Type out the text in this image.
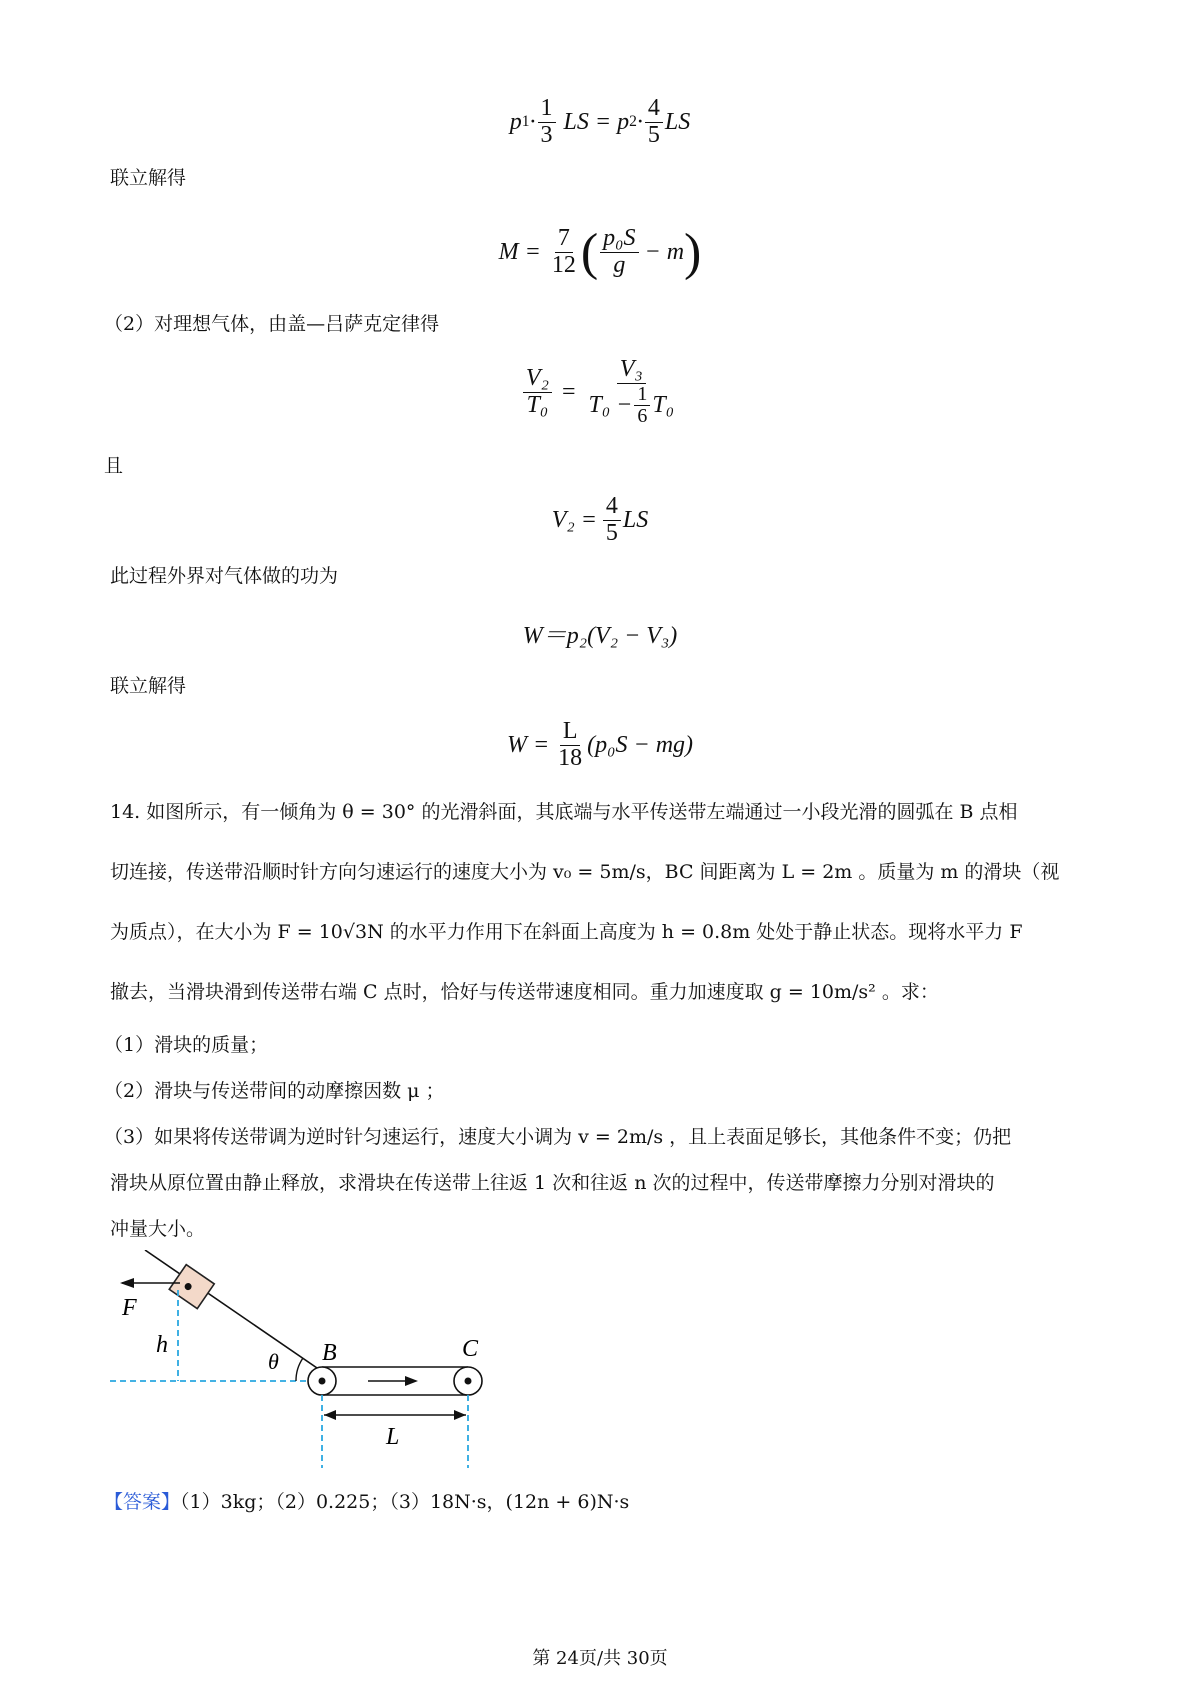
p $1 \cdot \frac{1}{3}$ LS = p $2 \cdot \frac{4}{5}$ LS
联立解得
$M = \frac{7}{12}$ ( $\frac{\text{p₀S}}{g} - m$ )
（2）对理想气体，由盖—吕萨克定律得
$\frac{\text{V₂}}{\text{T₀}} = \frac{\text{V₃}}{T_0 - \frac{1}{6} T_0}$
且
$V_2 = \frac{4}{5}$ LS
此过程外界对气体做的功为
W＝p₂(V₂ − V₃)
联立解得
$W = \frac{L}{18} (p_0S - mg)$
14. 如图所示，有一倾角为 θ = 30° 的光滑斜面，其底端与水平传送带左端通过一小段光滑的圆弧在 B 点相
切连接，传送带沿顺时针方向匀速运行的速度大小为 v₀ = 5m/s，BC 间距离为 L = 2m 。质量为 m 的滑块（视
为质点），在大小为 F = 10√3N 的水平力作用下在斜面上高度为 h = 0.8m 处处于静止状态。现将水平力 F
撤去，当滑块滑到传送带右端 C 点时，恰好与传送带速度相同。重力加速度取 g = 10m/s² 。求：
（1）滑块的质量；
（2）滑块与传送带间的动摩擦因数 μ ；
（3）如果将传送带调为逆时针匀速运行，速度大小调为 v = 2m/s ，且上表面足够长，其他条件不变；仍把
滑块从原位置由静止释放，求滑块在传送带上往返 1 次和往返 n 次的过程中，传送带摩擦力分别对滑块的
冲量大小。
F
h
θ B	C
L
【答案】（1）3kg；（2）0.225；（3）18N·s，(12n + 6)N·s
第 24页/共 30页
